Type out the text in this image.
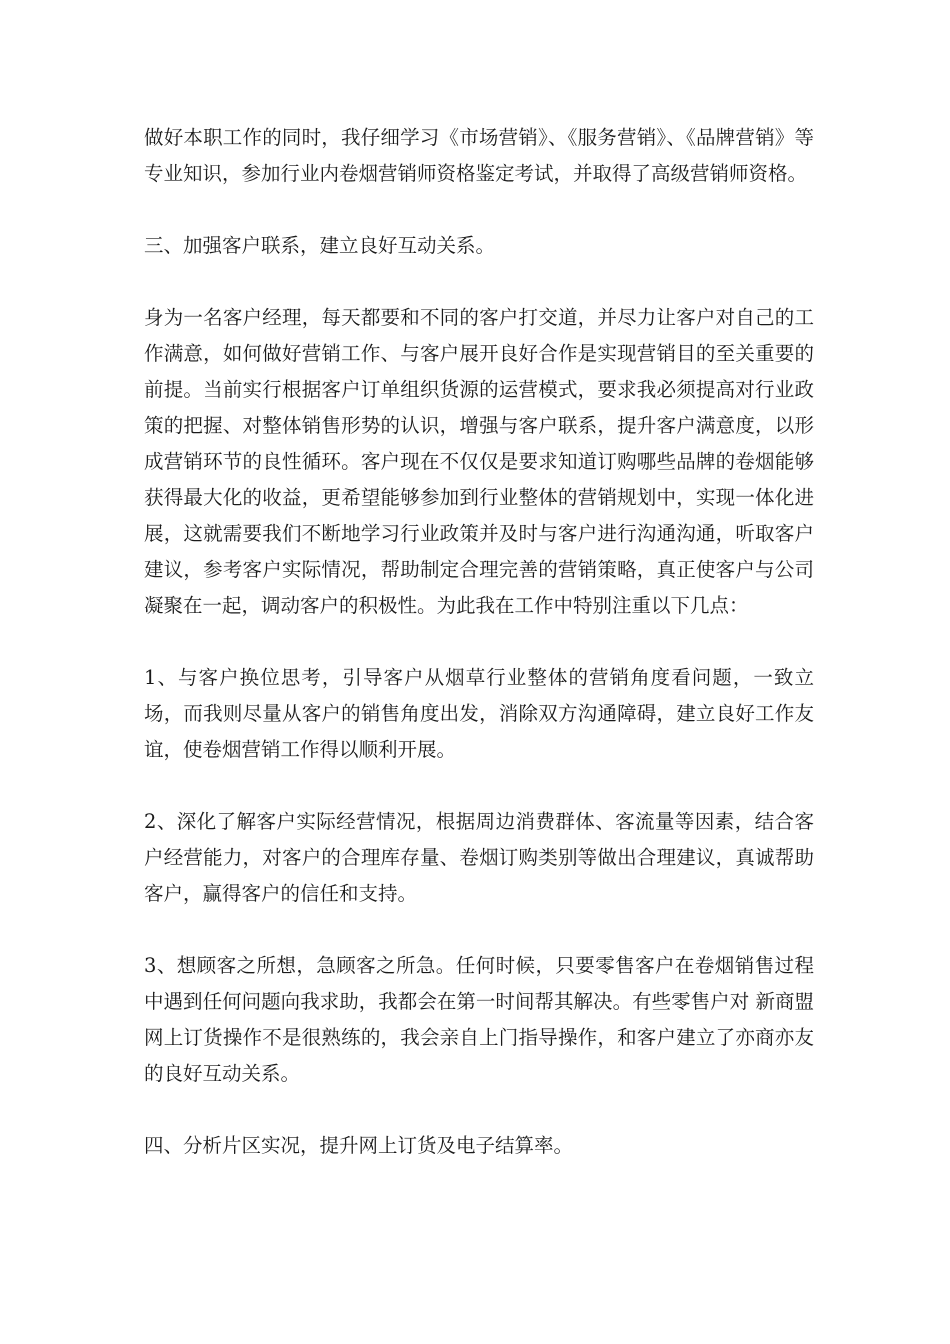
做好本职工作的同时，我仔细学习《市场营销》、《服务营销》、《品牌营销》等专业知识，参加行业内卷烟营销师资格鉴定考试，并取得了高级营销师资格。

三、加强客户联系，建立良好互动关系。

身为一名客户经理，每天都要和不同的客户打交道，并尽力让客户对自己的工作满意，如何做好营销工作、与客户展开良好合作是实现营销目的至关重要的前提。当前实行根据客户订单组织货源的运营模式，要求我必须提高对行业政策的把握、对整体销售形势的认识，增强与客户联系，提升客户满意度，以形成营销环节的良性循环。客户现在不仅仅是要求知道订购哪些品牌的卷烟能够获得最大化的收益，更希望能够参加到行业整体的营销规划中，实现一体化进展，这就需要我们不断地学习行业政策并及时与客户进行沟通沟通，听取客户建议，参考客户实际情况，帮助制定合理完善的营销策略，真正使客户与公司凝聚在一起，调动客户的积极性。为此我在工作中特别注重以下几点：

1、与客户换位思考，引导客户从烟草行业整体的营销角度看问题，一致立场，而我则尽量从客户的销售角度出发，消除双方沟通障碍，建立良好工作友谊，使卷烟营销工作得以顺利开展。

2、深化了解客户实际经营情况，根据周边消费群体、客流量等因素，结合客户经营能力，对客户的合理库存量、卷烟订购类别等做出合理建议，真诚帮助客户，赢得客户的信任和支持。

3、想顾客之所想，急顾客之所急。任何时候，只要零售客户在卷烟销售过程中遇到任何问题向我求助，我都会在第一时间帮其解决。有些零售户对 新商盟网上订货操作不是很熟练的，我会亲自上门指导操作，和客户建立了亦商亦友的良好互动关系。

四、分析片区实况，提升网上订货及电子结算率。
